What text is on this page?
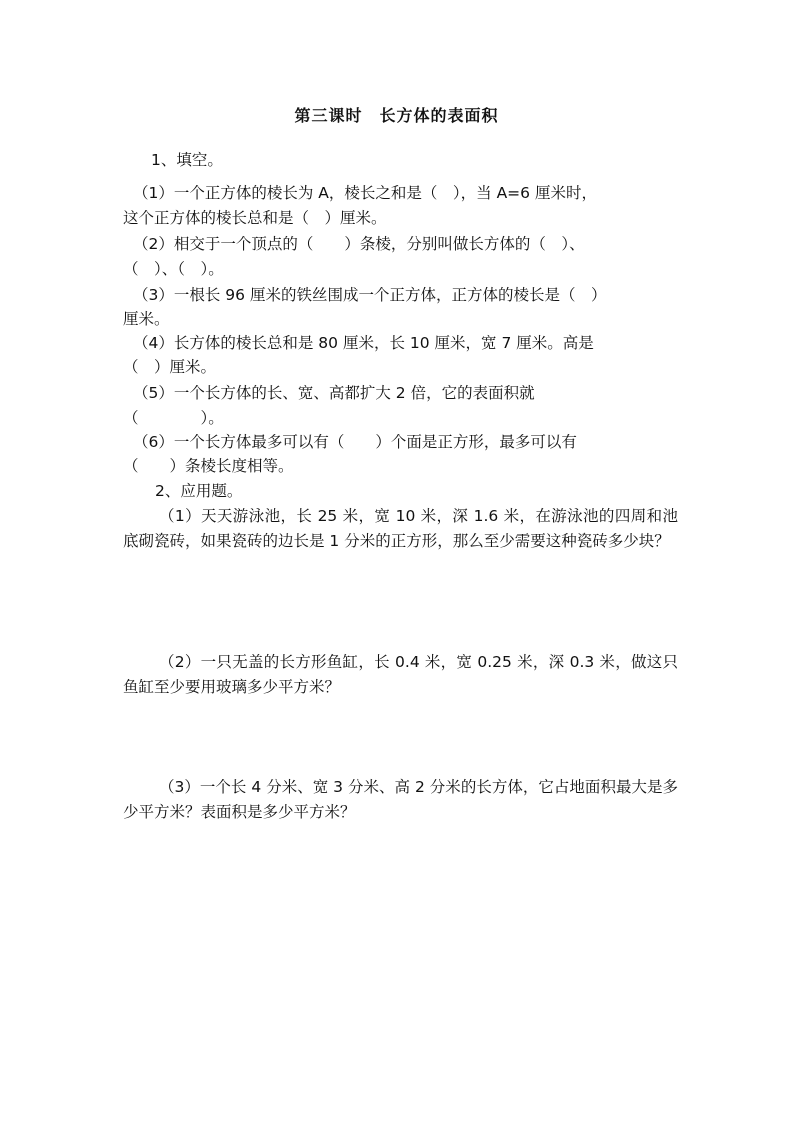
第三课时　长方体的表面积
1、填空。
（1）一个正方体的棱长为 A，棱长之和是（　），当 A=6 厘米时，
这个正方体的棱长总和是（　）厘米。
（2）相交于一个顶点的（　　）条棱，分别叫做长方体的（　）、
（　）、（　）。
（3）一根长 96 厘米的铁丝围成一个正方体，正方体的棱长是（　）
厘米。
（4）长方体的棱长总和是 80 厘米，长 10 厘米，宽 7 厘米。高是
（　）厘米。
（5）一个长方体的长、宽、高都扩大 2 倍，它的表面积就
（　　　　）。
（6）一个长方体最多可以有（　　）个面是正方形，最多可以有
（　　）条棱长度相等。
2、应用题。
（1）天天游泳池，长 25 米，宽 10 米，深 1.6 米，在游泳池的四周和池底砌瓷砖，如果瓷砖的边长是 1 分米的正方形，那么至少需要这种瓷砖多少块？
（2）一只无盖的长方形鱼缸，长 0.4 米，宽 0.25 米，深 0.3 米，做这只鱼缸至少要用玻璃多少平方米？
（3）一个长 4 分米、宽 3 分米、高 2 分米的长方体，它占地面积最大是多少平方米？表面积是多少平方米？
